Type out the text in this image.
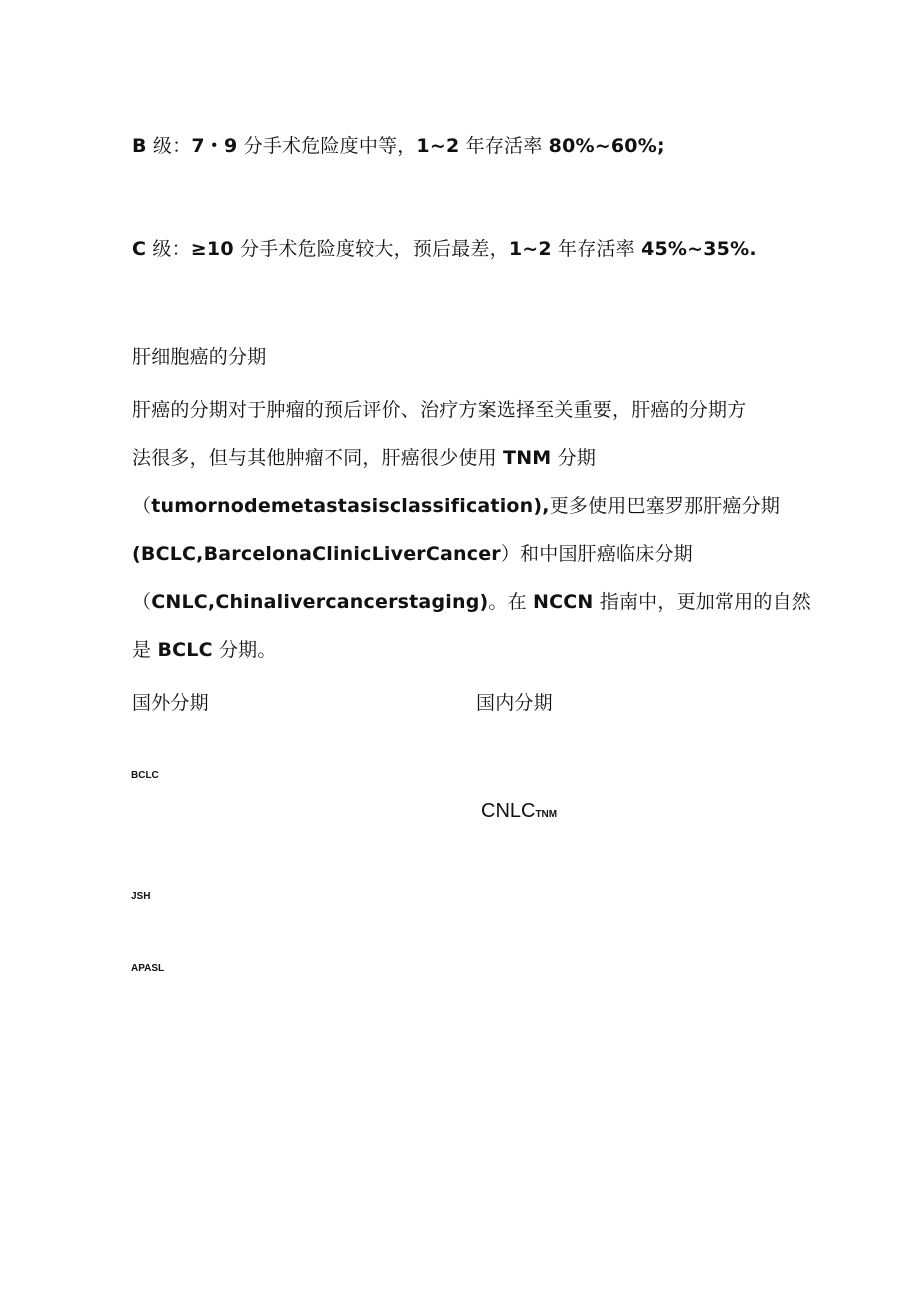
B 级：7・9 分手术危险度中等，1~2 年存活率 80%~60%;
C 级：≥10 分手术危险度较大，预后最差，1~2 年存活率 45%~35%.
肝细胞癌的分期
肝癌的分期对于肿瘤的预后评价、治疗方案选择至关重要，肝癌的分期方
法很多，但与其他肿瘤不同，肝癌很少使用 TNM 分期
（tumornodemetastasisclassification),更多使用巴塞罗那肝癌分期
(BCLC,BarcelonaClinicLiverCancer）和中国肝癌临床分期
（CNLC,Chinalivercancerstaging)。在 NCCN 指南中，更加常用的自然
是 BCLC 分期。
国外分期	国内分期
BCLC
JSH
APASL
CNLCTNM
